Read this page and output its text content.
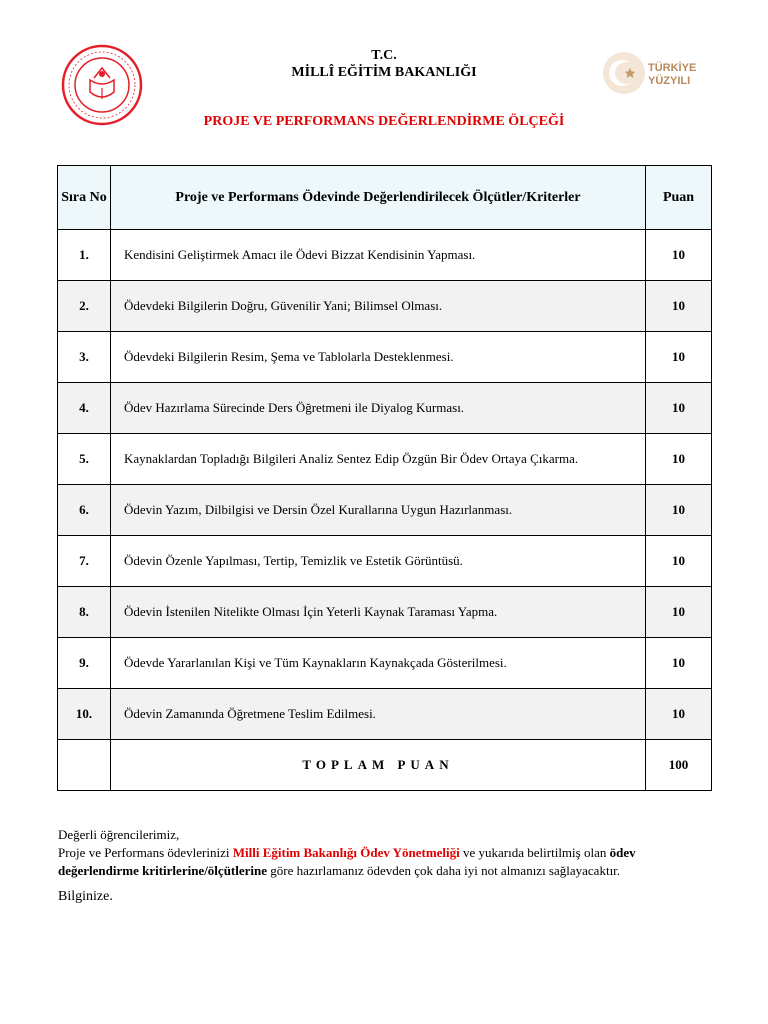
TÜRKİYE
YÜZYILI
T.C.
MİLLÎ EĞİTİM BAKANLIĞI
PROJE VE PERFORMANS DEĞERLENDİRME ÖLÇEĞİ
Sıra No	Proje ve Performans Ödevinde Değerlendirilecek Ölçütler/Kriterler	Puan
1.	Kendisini Geliştirmek Amacı ile Ödevi Bizzat Kendisinin Yapması.	10
2.	Ödevdeki Bilgilerin Doğru, Güvenilir Yani; Bilimsel Olması.	10
3.	Ödevdeki Bilgilerin Resim, Şema ve Tablolarla Desteklenmesi.	10
4.	Ödev Hazırlama Sürecinde Ders Öğretmeni ile Diyalog Kurması.	10
5.	Kaynaklardan Topladığı Bilgileri Analiz Sentez Edip Özgün Bir Ödev Ortaya Çıkarma.	10
6.	Ödevin Yazım, Dilbilgisi ve Dersin Özel Kurallarına Uygun Hazırlanması.	10
7.	Ödevin Özenle Yapılması, Tertip, Temizlik ve Estetik Görüntüsü.	10
8.	Ödevin İstenilen Nitelikte Olması İçin Yeterli Kaynak Taraması Yapma.	10
9.	Ödevde Yararlanılan Kişi ve Tüm Kaynakların Kaynakçada Gösterilmesi.	10
10.	Ödevin Zamanında Öğretmene Teslim Edilmesi.	10
	TOPLAM PUAN	100
Değerli öğrencilerimiz,
Proje ve Performans ödevlerinizi Milli Eğitim Bakanlığı Ödev Yönetmeliği ve yukarıda belirtilmiş olan ödev değerlendirme kritirlerine/ölçütlerine göre hazırlamanız ödevden çok daha iyi not almanızı sağlayacaktır.
Bilginize.
